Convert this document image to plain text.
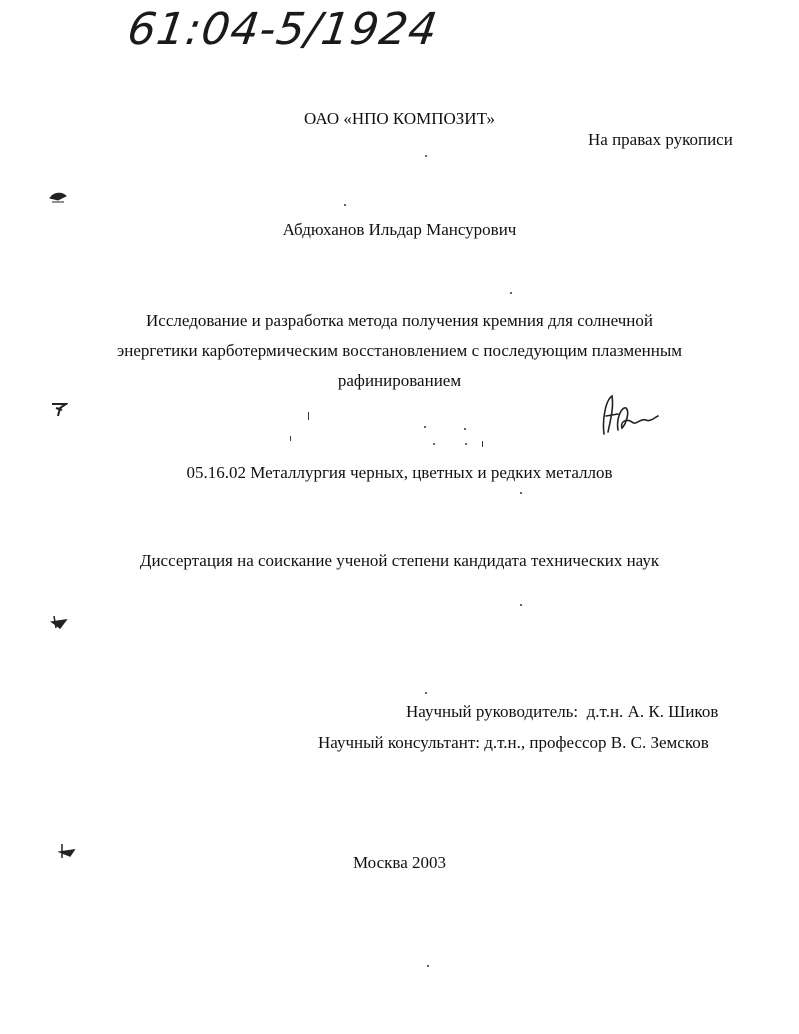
61:04-5/1924
ОАО «НПО КОМПОЗИТ»
На правах рукописи
Абдюханов Ильдар Мансурович
Исследование и разработка метода получения кремния для солнечной
энергетики карботермическим восстановлением с последующим плазменным
рафинированием
05.16.02 Металлургия черных, цветных и редких металлов
Диссертация на соискание ученой степени кандидата технических наук
Научный руководитель: д.т.н. А. К. Шиков
Научный консультант: д.т.н., профессор В. С. Земсков
Москва 2003
